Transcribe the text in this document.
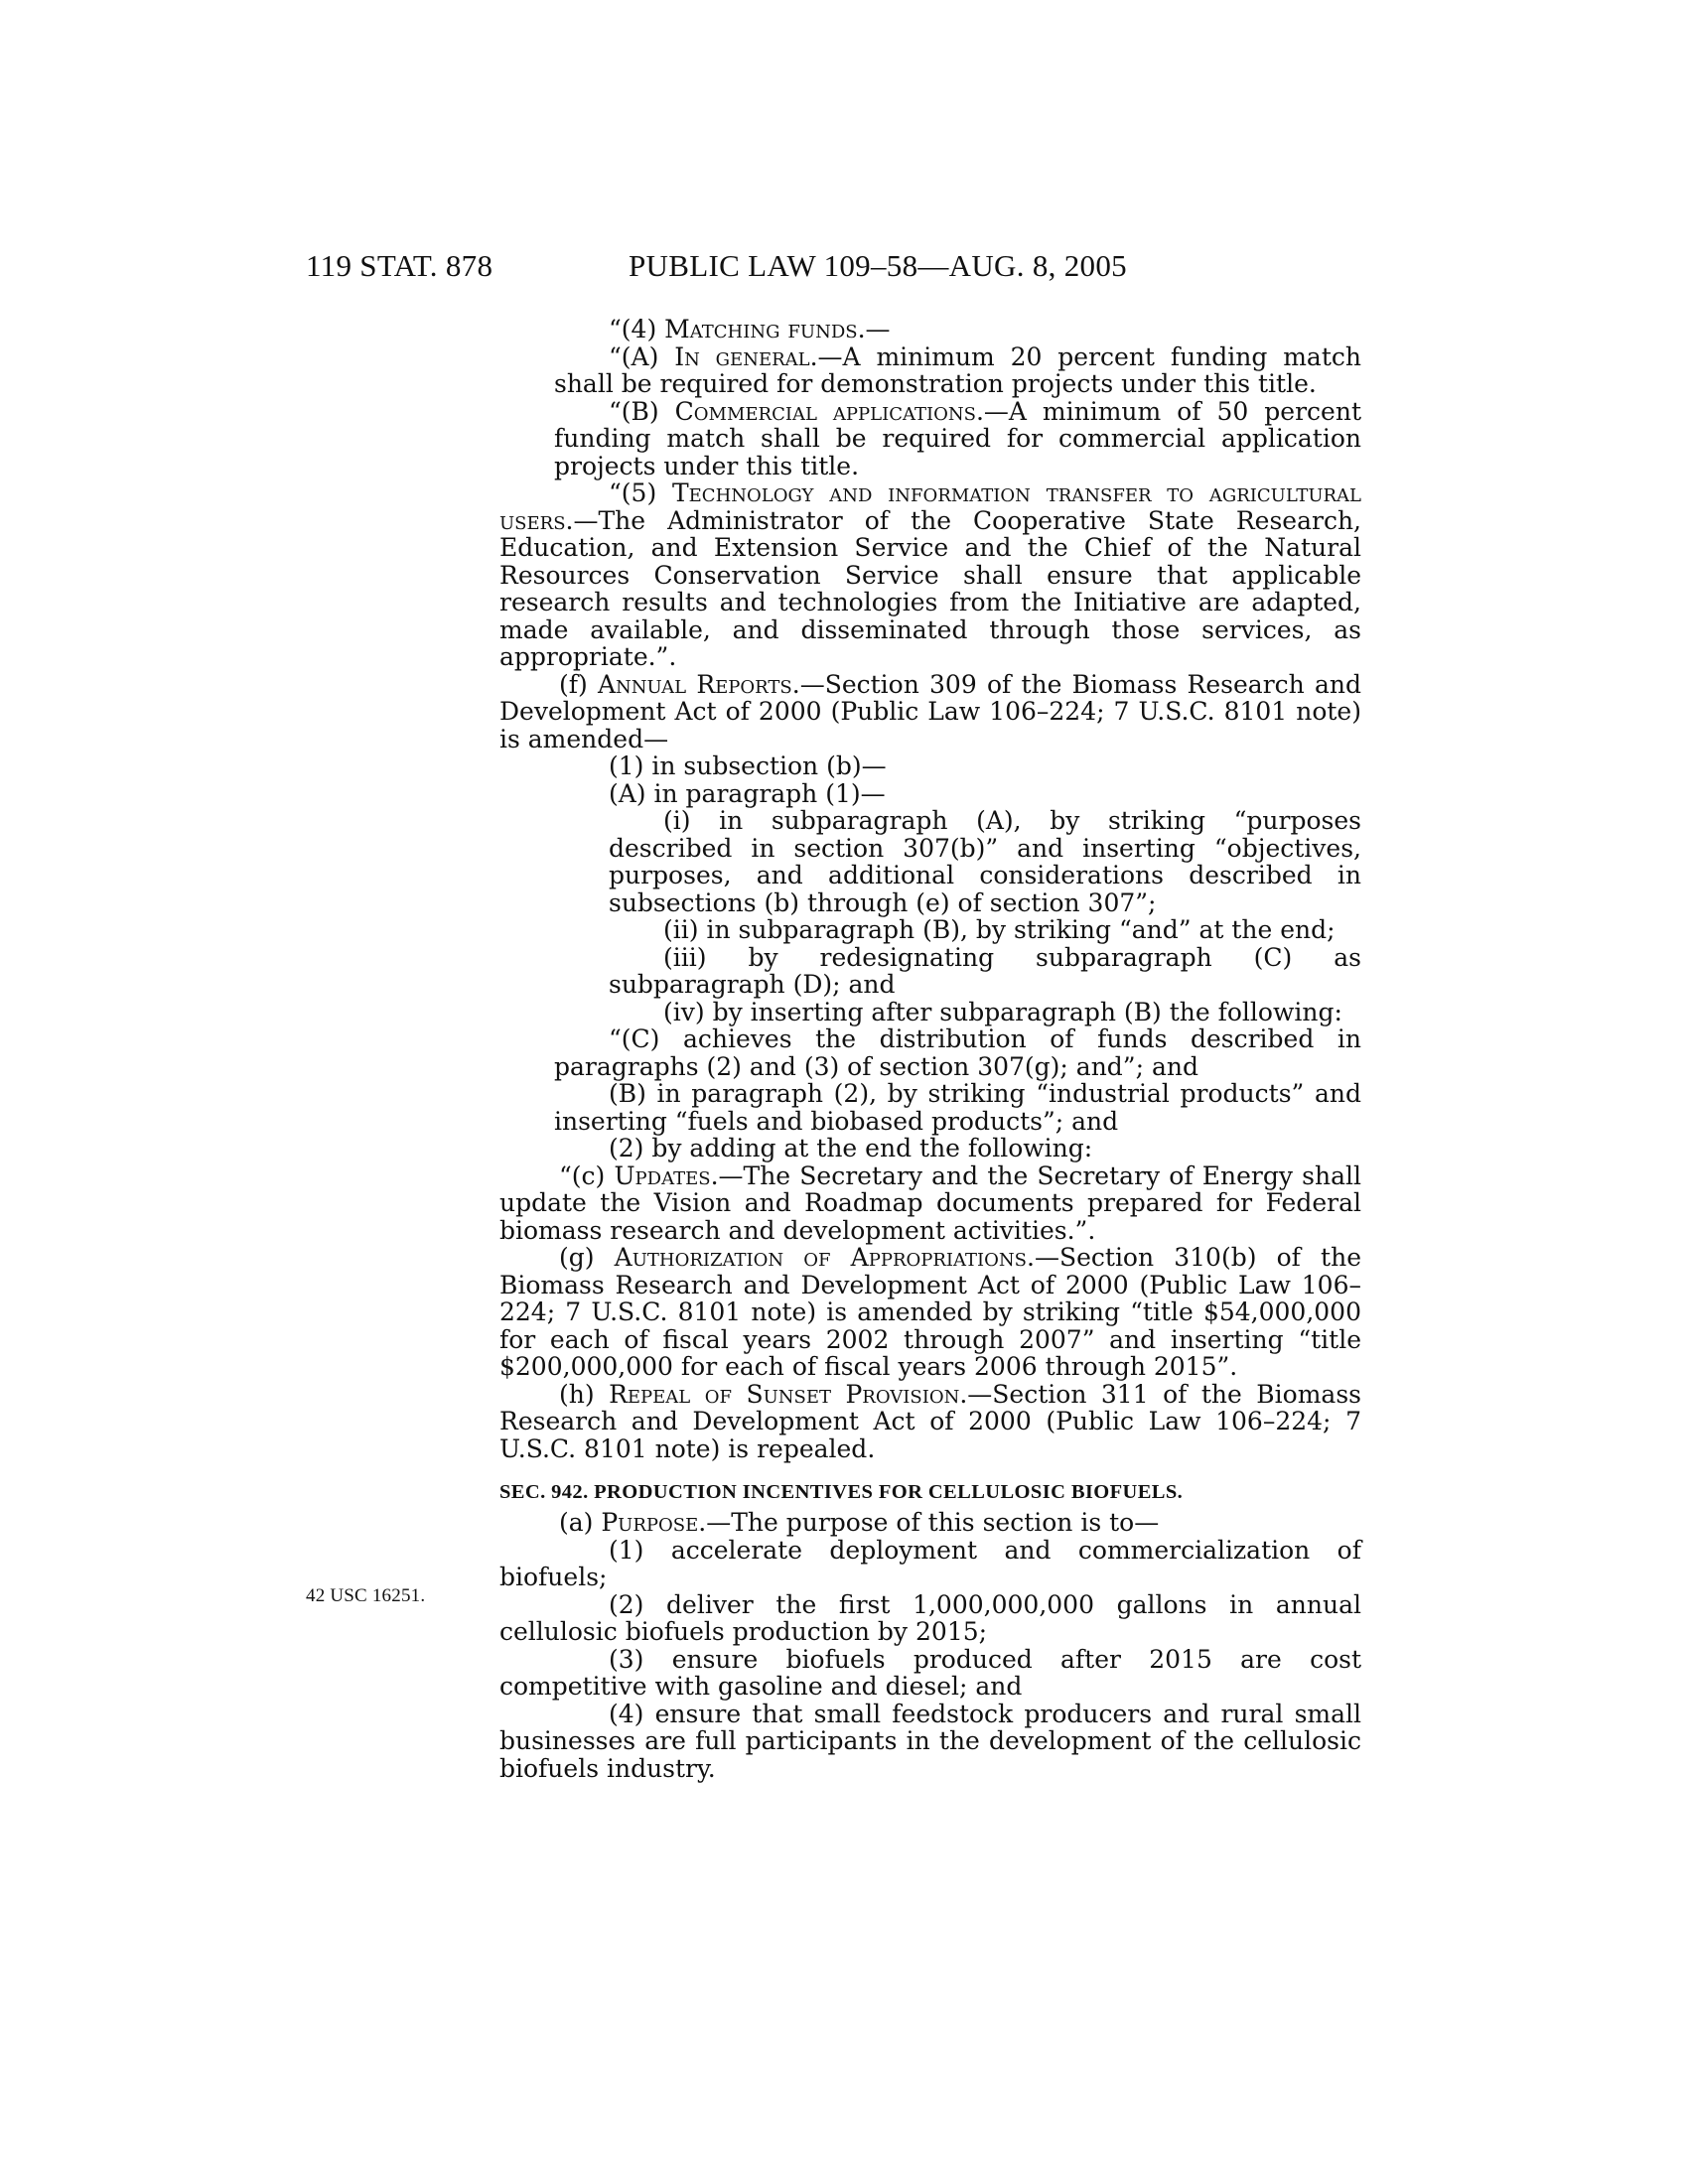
119 STAT. 878	PUBLIC LAW 109–58—AUG. 8, 2005

“(4) Matching funds.—

“(A) In general.—A minimum 20 percent funding match shall be required for demonstration projects under this title.

“(B) Commercial applications.—A minimum of 50 percent funding match shall be required for commercial application projects under this title.

“(5) Technology and information transfer to agricultural users.—The Administrator of the Cooperative State Research, Education, and Extension Service and the Chief of the Natural Resources Conservation Service shall ensure that applicable research results and technologies from the Initiative are adapted, made available, and disseminated through those services, as appropriate.”.

(f) Annual Reports.—Section 309 of the Biomass Research and Development Act of 2000 (Public Law 106–224; 7 U.S.C. 8101 note) is amended—

(1) in subsection (b)—

(A) in paragraph (1)—

(i) in subparagraph (A), by striking “purposes described in section 307(b)” and inserting “objectives, purposes, and additional considerations described in subsections (b) through (e) of section 307”;

(ii) in subparagraph (B), by striking “and” at the end;

(iii) by redesignating subparagraph (C) as subparagraph (D); and

(iv) by inserting after subparagraph (B) the following:

“(C) achieves the distribution of funds described in paragraphs (2) and (3) of section 307(g); and”; and

(B) in paragraph (2), by striking “industrial products” and inserting “fuels and biobased products”; and

(2) by adding at the end the following:

“(c) Updates.—The Secretary and the Secretary of Energy shall update the Vision and Roadmap documents prepared for Federal biomass research and development activities.”.

(g) Authorization of Appropriations.—Section 310(b) of the Biomass Research and Development Act of 2000 (Public Law 106–224; 7 U.S.C. 8101 note) is amended by striking “title $54,000,000 for each of fiscal years 2002 through 2007” and inserting “title $200,000,000 for each of fiscal years 2006 through 2015”.

(h) Repeal of Sunset Provision.—Section 311 of the Biomass Research and Development Act of 2000 (Public Law 106–224; 7 U.S.C. 8101 note) is repealed.

SEC. 942. PRODUCTION INCENTIVES FOR CELLULOSIC BIOFUELS.

(a) Purpose.—The purpose of this section is to—

(1) accelerate deployment and commercialization of biofuels;

(2) deliver the first 1,000,000,000 gallons in annual cellulosic biofuels production by 2015;

(3) ensure biofuels produced after 2015 are cost competitive with gasoline and diesel; and

(4) ensure that small feedstock producers and rural small businesses are full participants in the development of the cellulosic biofuels industry.

42 USC 16251.
